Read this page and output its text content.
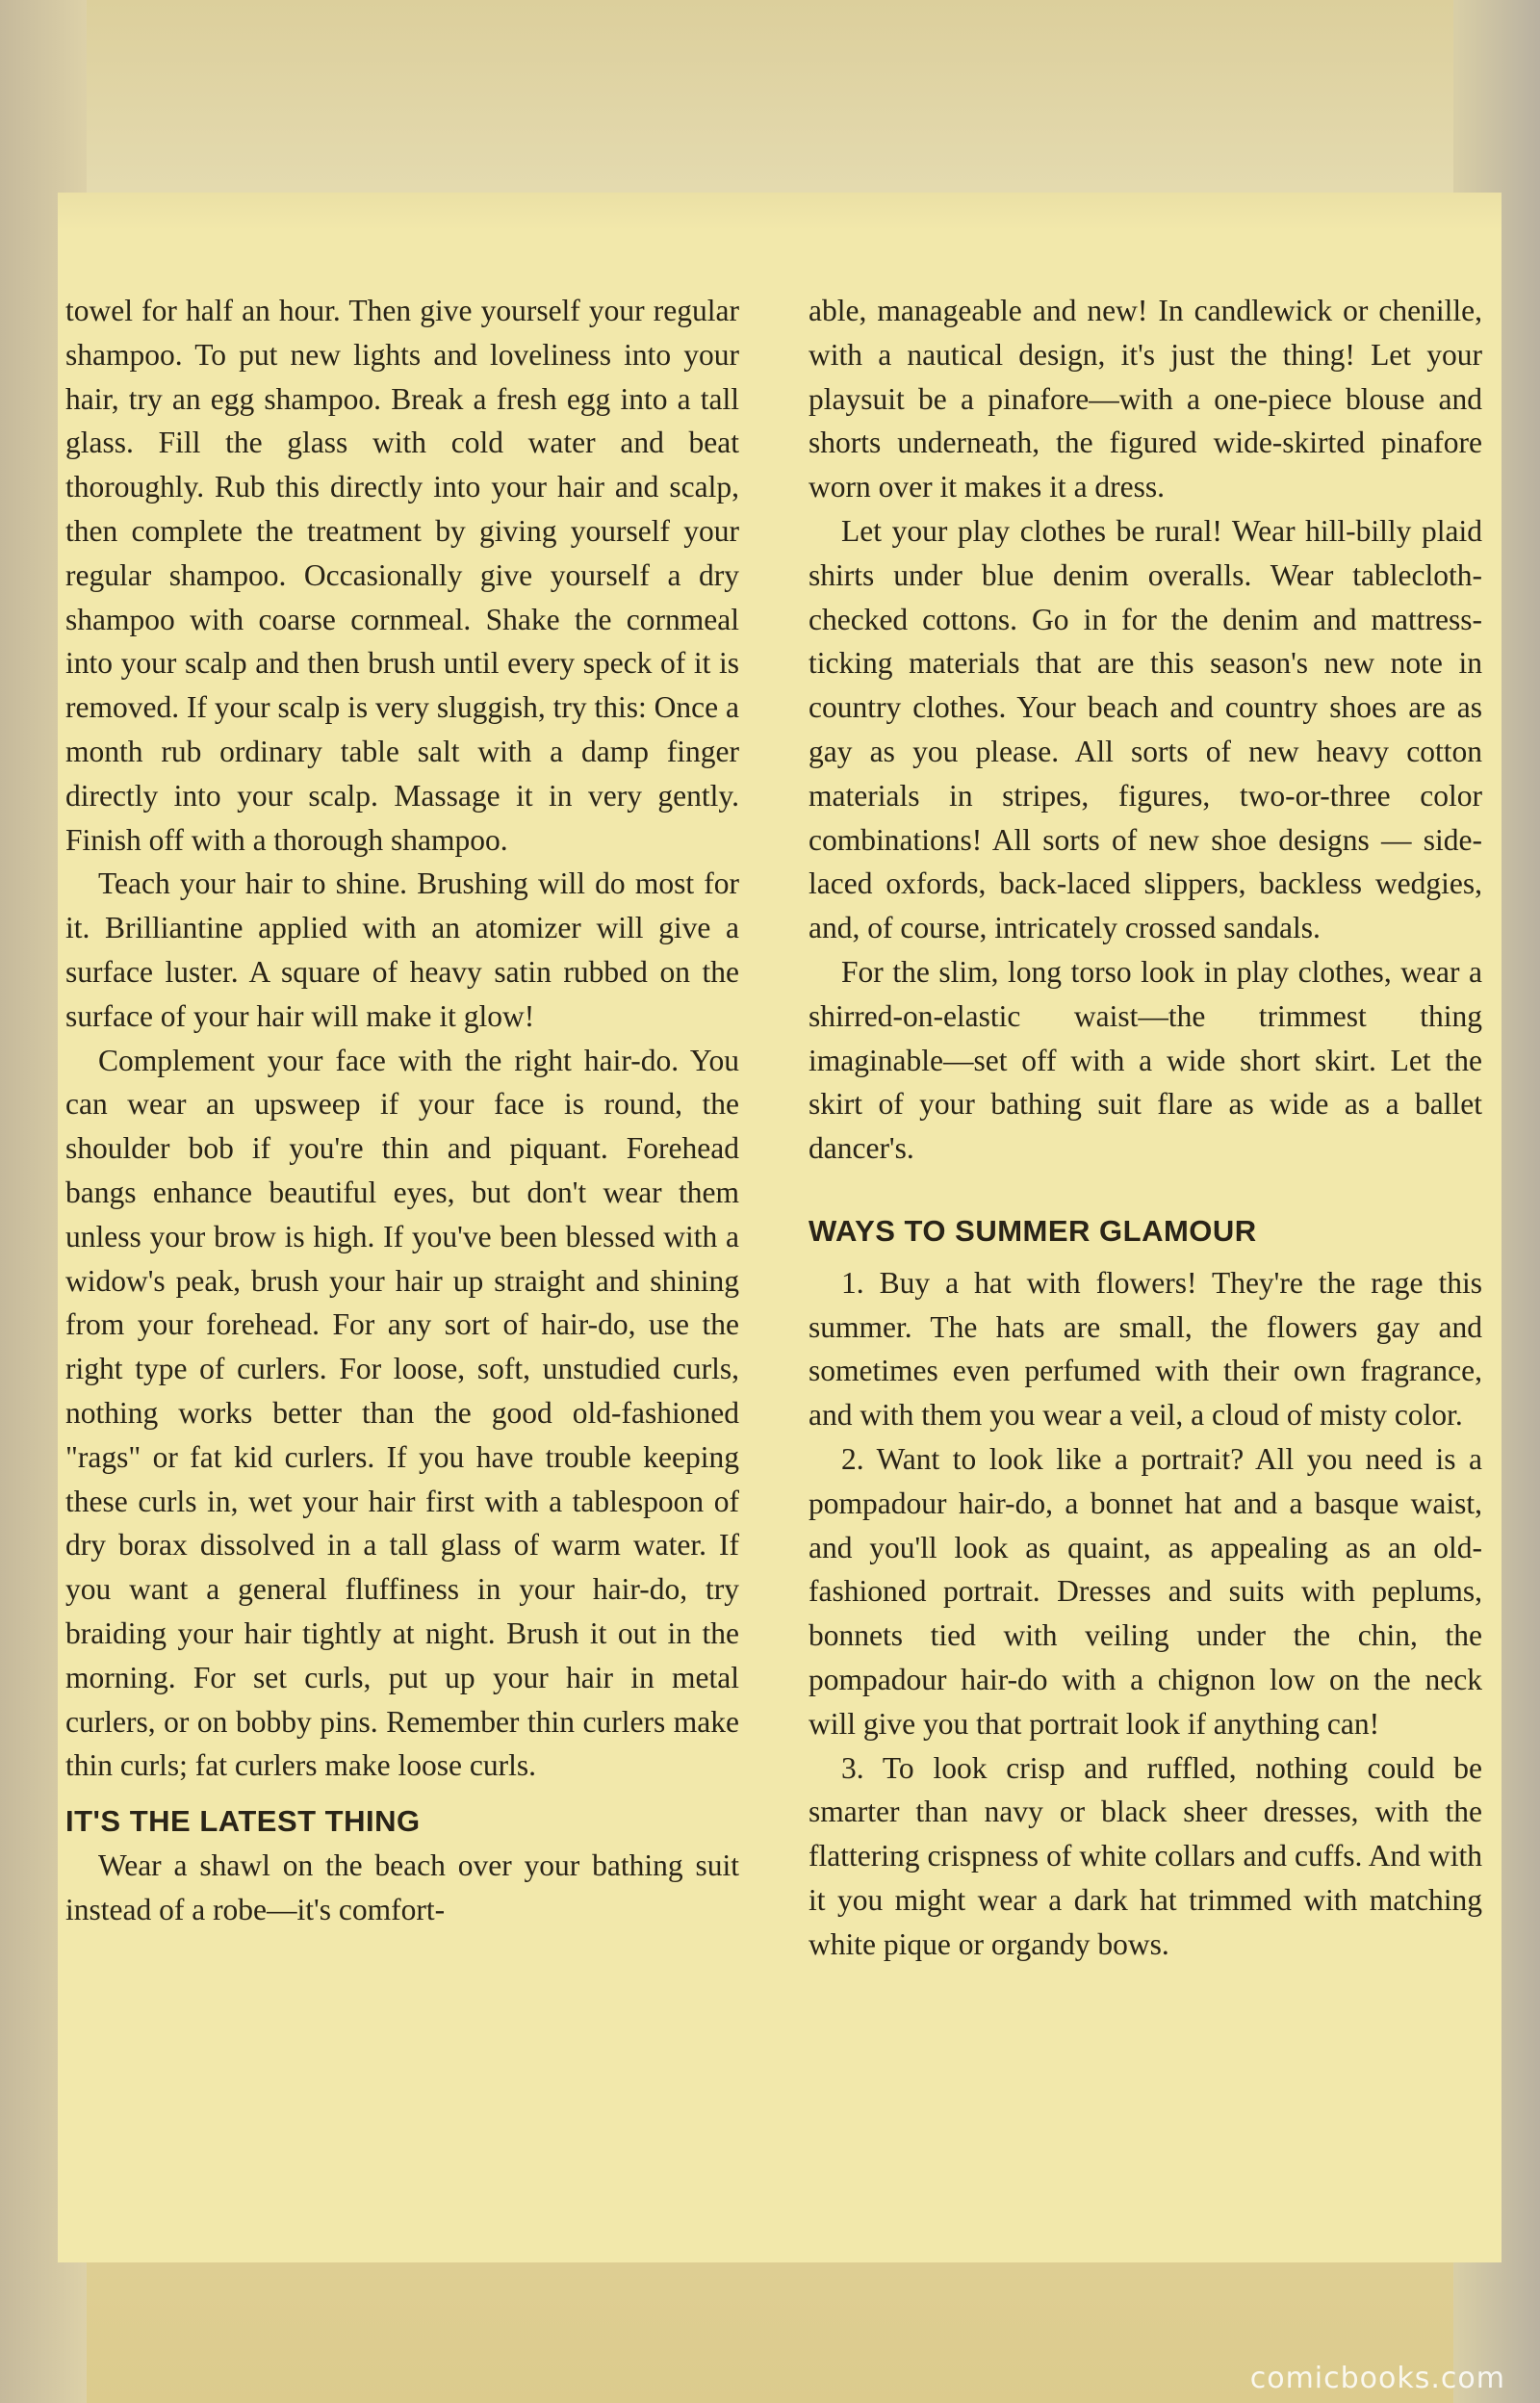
towel for half an hour. Then give yourself your regular shampoo. To put new lights and loveliness into your hair, try an egg shampoo. Break a fresh egg into a tall glass. Fill the glass with cold water and beat thoroughly. Rub this directly into your hair and scalp, then complete the treatment by giving yourself your regular shampoo. Occasionally give yourself a dry shampoo with coarse cornmeal. Shake the cornmeal into your scalp and then brush until every speck of it is removed. If your scalp is very sluggish, try this: Once a month rub ordinary table salt with a damp finger directly into your scalp. Massage it in very gently. Finish off with a thorough shampoo.

Teach your hair to shine. Brushing will do most for it. Brilliantine applied with an atomizer will give a surface luster. A square of heavy satin rubbed on the surface of your hair will make it glow!

Complement your face with the right hair-do. You can wear an upsweep if your face is round, the shoulder bob if you're thin and piquant. Forehead bangs enhance beautiful eyes, but don't wear them unless your brow is high. If you've been blessed with a widow's peak, brush your hair up straight and shining from your forehead. For any sort of hair-do, use the right type of curlers. For loose, soft, unstudied curls, nothing works better than the good old-fashioned "rags" or fat kid curlers. If you have trouble keeping these curls in, wet your hair first with a tablespoon of dry borax dissolved in a tall glass of warm water. If you want a general fluffiness in your hair-do, try braiding your hair tightly at night. Brush it out in the morning. For set curls, put up your hair in metal curlers, or on bobby pins. Remember thin curlers make thin curls; fat curlers make loose curls.

IT'S THE LATEST THING

Wear a shawl on the beach over your bathing suit instead of a robe—it's comfort-

able, manageable and new! In candlewick or chenille, with a nautical design, it's just the thing! Let your playsuit be a pinafore—with a one-piece blouse and shorts underneath, the figured wide-skirted pinafore worn over it makes it a dress.

Let your play clothes be rural! Wear hill-billy plaid shirts under blue denim overalls. Wear tablecloth-checked cottons. Go in for the denim and mattress-ticking materials that are this season's new note in country clothes. Your beach and country shoes are as gay as you please. All sorts of new heavy cotton materials in stripes, figures, two-or-three color combinations! All sorts of new shoe designs — side-laced oxfords, back-laced slippers, backless wedgies, and, of course, intricately crossed sandals.

For the slim, long torso look in play clothes, wear a shirred-on-elastic waist—the trimmest thing imaginable—set off with a wide short skirt. Let the skirt of your bathing suit flare as wide as a ballet dancer's.

WAYS TO SUMMER GLAMOUR

1. Buy a hat with flowers! They're the rage this summer. The hats are small, the flowers gay and sometimes even perfumed with their own fragrance, and with them you wear a veil, a cloud of misty color.

2. Want to look like a portrait? All you need is a pompadour hair-do, a bonnet hat and a basque waist, and you'll look as quaint, as appealing as an old-fashioned portrait. Dresses and suits with peplums, bonnets tied with veiling under the chin, the pompadour hair-do with a chignon low on the neck will give you that portrait look if anything can!

3. To look crisp and ruffled, nothing could be smarter than navy or black sheer dresses, with the flattering crispness of white collars and cuffs. And with it you might wear a dark hat trimmed with matching white pique or organdy bows.

comicbooks.com
